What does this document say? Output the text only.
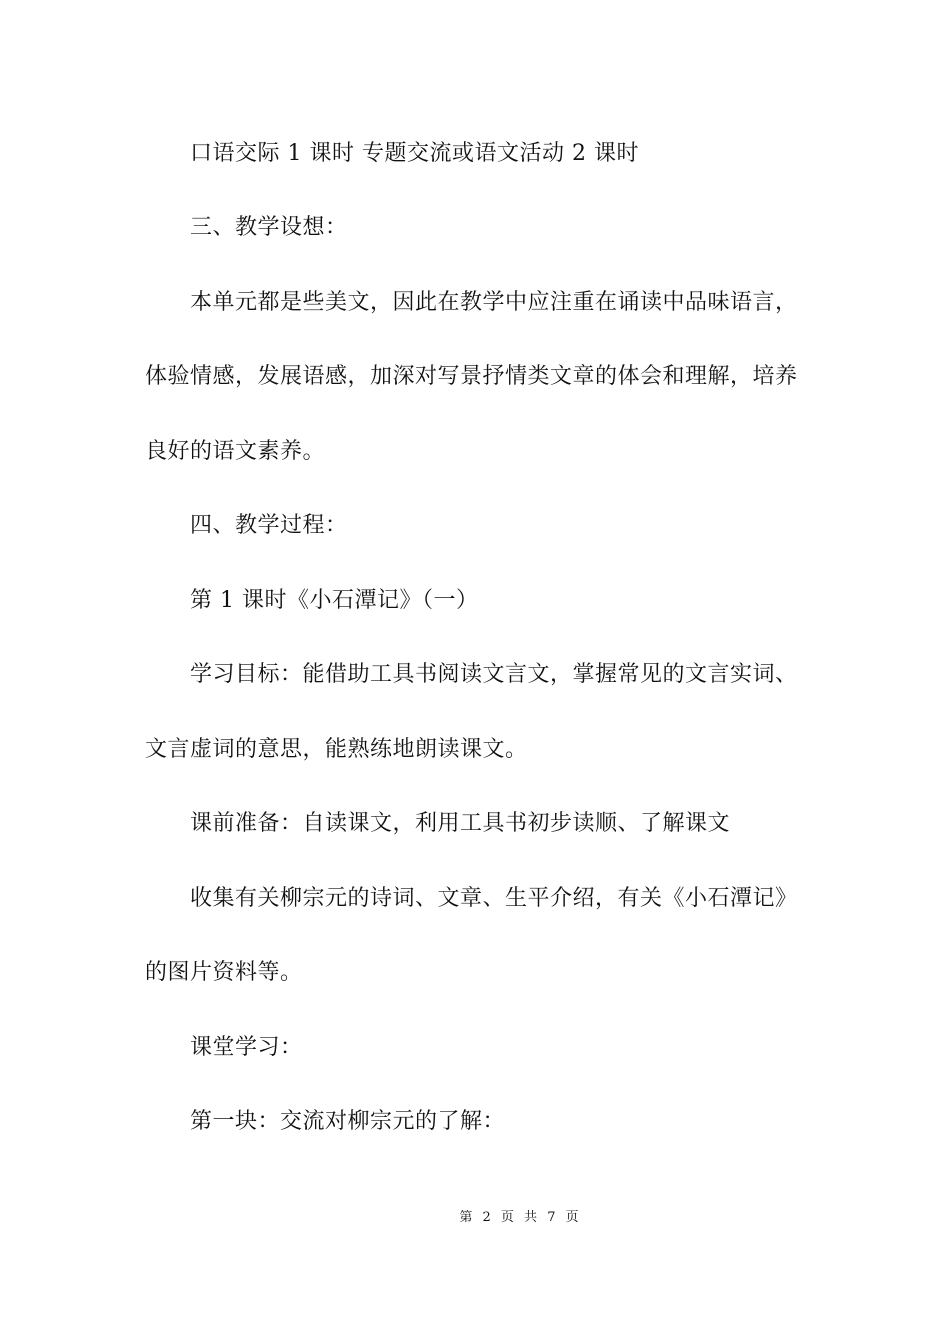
口语交际 1 课时 专题交流或语文活动 2 课时
三、教学设想：
本单元都是些美文，因此在教学中应注重在诵读中品味语言，
体验情感，发展语感，加深对写景抒情类文章的体会和理解，培养
良好的语文素养。
四、教学过程：
第 1 课时《小石潭记》（一）
学习目标：能借助工具书阅读文言文，掌握常见的文言实词、
文言虚词的意思，能熟练地朗读课文。
课前准备：自读课文，利用工具书初步读顺、了解课文
收集有关柳宗元的诗词、文章、生平介绍，有关《小石潭记》
的图片资料等。
课堂学习：
第一块：交流对柳宗元的了解：
第 2 页 共 7 页
